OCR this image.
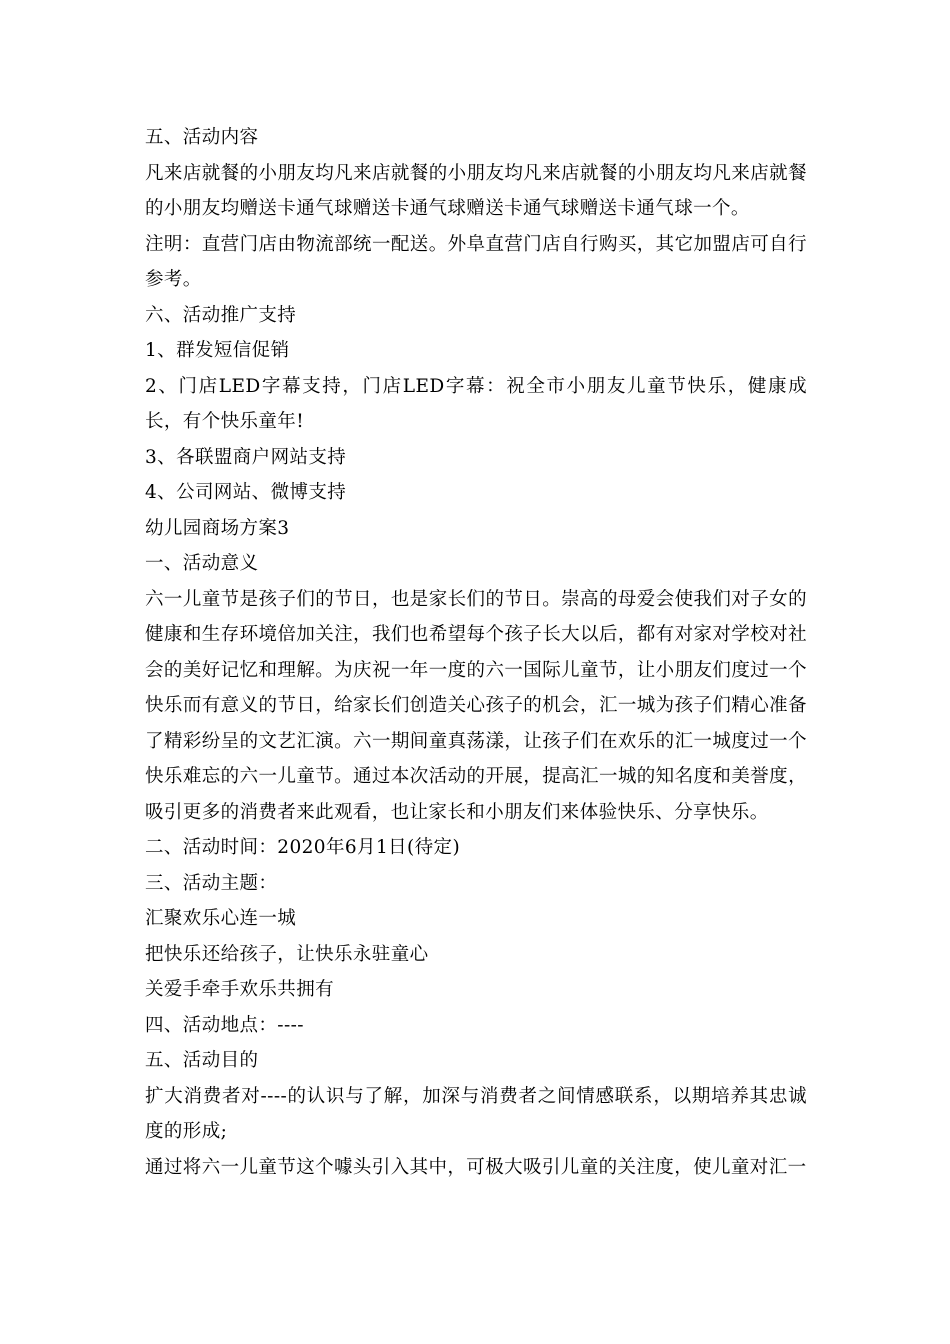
五、活动内容

凡来店就餐的小朋友均凡来店就餐的小朋友均凡来店就餐的小朋友均凡来店就餐的小朋友均赠送卡通气球赠送卡通气球赠送卡通气球赠送卡通气球一个。

注明：直营门店由物流部统一配送。外阜直营门店自行购买，其它加盟店可自行参考。

六、活动推广支持

1、群发短信促销

2、门店LED字幕支持，门店LED字幕：祝全市小朋友儿童节快乐，健康成长，有个快乐童年!

3、各联盟商户网站支持

4、公司网站、微博支持

幼儿园商场方案3

一、活动意义

六一儿童节是孩子们的节日，也是家长们的节日。崇高的母爱会使我们对子女的健康和生存环境倍加关注，我们也希望每个孩子长大以后，都有对家对学校对社会的美好记忆和理解。为庆祝一年一度的六一国际儿童节，让小朋友们度过一个快乐而有意义的节日，给家长们创造关心孩子的机会，汇一城为孩子们精心准备了精彩纷呈的文艺汇演。六一期间童真荡漾，让孩子们在欢乐的汇一城度过一个快乐难忘的六一儿童节。通过本次活动的开展，提高汇一城的知名度和美誉度，吸引更多的消费者来此观看，也让家长和小朋友们来体验快乐、分享快乐。

二、活动时间：2020年6月1日(待定)

三、活动主题：

汇聚欢乐心连一城

把快乐还给孩子，让快乐永驻童心

关爱手牵手欢乐共拥有

四、活动地点：----

五、活动目的

扩大消费者对----的认识与了解，加深与消费者之间情感联系，以期培养其忠诚度的形成;

通过将六一儿童节这个噱头引入其中，可极大吸引儿童的关注度，使儿童对汇一
